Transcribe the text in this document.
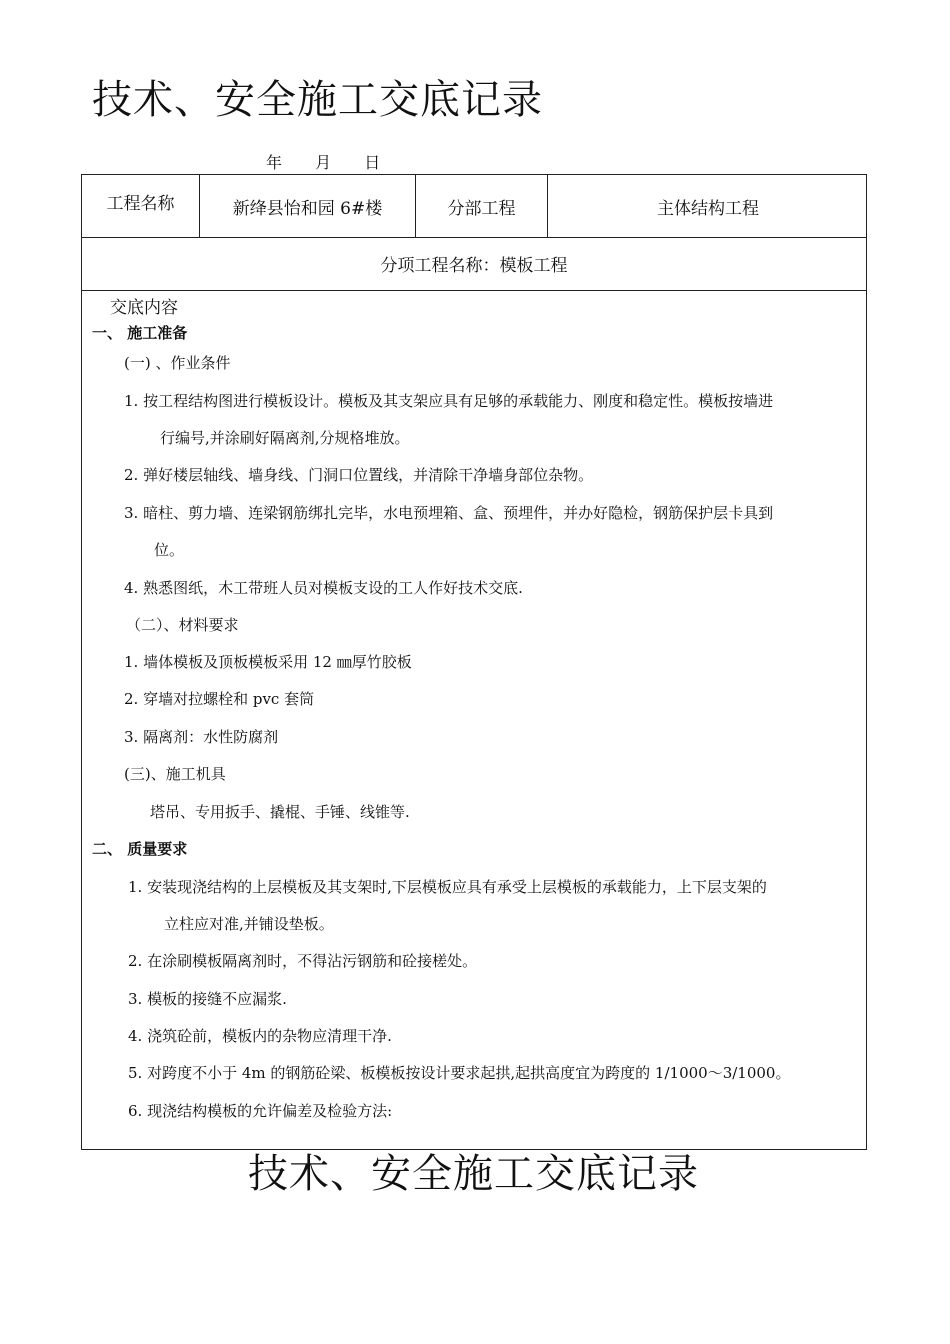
技术、安全施工交底记录
年 月 日
工程名称	新绛县怡和园 6#楼	分部工程	主体结构工程
分项工程名称：模板工程
交底内容
一、 施工准备
(一) 、作业条件
1. 按工程结构图进行模板设计。模板及其支架应具有足够的承载能力、刚度和稳定性。模板按墙进
行编号,并涂刷好隔离剂,分规格堆放。
2. 弹好楼层轴线、墙身线、门洞口位置线，并清除干净墙身部位杂物。
3. 暗柱、剪力墙、连梁钢筋绑扎完毕，水电预埋箱、盒、预埋件，并办好隐检，钢筋保护层卡具到
位。
4. 熟悉图纸，木工带班人员对模板支设的工人作好技术交底.
（二）、材料要求
1. 墙体模板及顶板模板采用 12 ㎜厚竹胶板
2. 穿墙对拉螺栓和 pvc 套筒
3. 隔离剂：水性防腐剂
(三)、施工机具
塔吊、专用扳手、撬棍、手锤、线锥等.
二、 质量要求
1. 安装现浇结构的上层模板及其支架时,下层模板应具有承受上层模板的承载能力，上下层支架的
立柱应对准,并铺设垫板。
2. 在涂刷模板隔离剂时，不得沾污钢筋和砼接槎处。
3. 模板的接缝不应漏浆.
4. 浇筑砼前，模板内的杂物应清理干净.
5. 对跨度不小于 4m 的钢筋砼梁、板模板按设计要求起拱,起拱高度宜为跨度的 1/1000～3/1000。
6. 现浇结构模板的允许偏差及检验方法:
技术、安全施工交底记录
